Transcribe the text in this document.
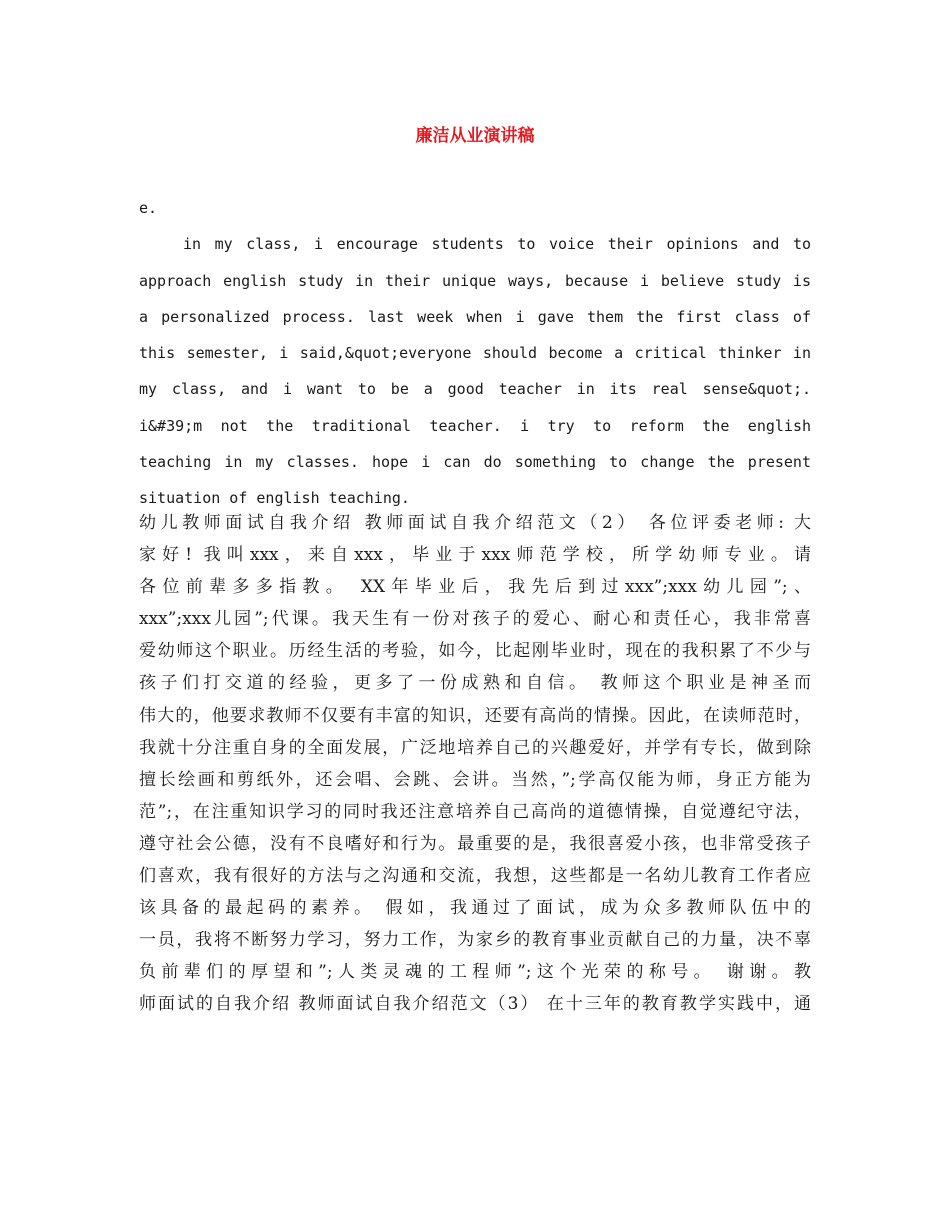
廉洁从业演讲稿
e.
in my class, i encourage students to voice their opinions and to
approach english study in their unique ways, because i believe study is
a personalized process. last week when i gave them the first class of
this semester, i said,&quot;everyone should become a critical thinker in
my class, and i want to be a good teacher in its real sense&quot;.
i&#39;m not the traditional teacher. i try to reform the english
teaching in my classes. hope i can do something to change the present
situation of english teaching.
幼儿教师面试自我介绍 教师面试自我介绍范文（2） 各位评委老师: 大
家好! 我叫xxx，来自xxx，毕业于xxx师范学校，所学幼师专业。请
各位前辈多多指教。 XX年毕业后，我先后到过xxx”;xxx幼儿园”;、
xxx”;xxx儿园”;代课。我天生有一份对孩子的爱心、耐心和责任心，我非常喜
爱幼师这个职业。历经生活的考验，如今，比起刚毕业时，现在的我积累了不少与
孩子们打交道的经验，更多了一份成熟和自信。 教师这个职业是神圣而
伟大的，他要求教师不仅要有丰富的知识，还要有高尚的情操。因此，在读师范时，
我就十分注重自身的全面发展，广泛地培养自己的兴趣爱好，并学有专长，做到除
擅长绘画和剪纸外，还会唱、会跳、会讲。当然，”;学高仅能为师，身正方能为
范”;，在注重知识学习的同时我还注意培养自己高尚的道德情操，自觉遵纪守法，
遵守社会公德，没有不良嗜好和行为。最重要的是，我很喜爱小孩，也非常受孩子
们喜欢，我有很好的方法与之沟通和交流，我想，这些都是一名幼儿教育工作者应
该具备的最起码的素养。 假如，我通过了面试，成为众多教师队伍中的
一员，我将不断努力学习，努力工作，为家乡的教育事业贡献自己的力量，决不辜
负前辈们的厚望和”;人类灵魂的工程师”;这个光荣的称号。 谢谢。教
师面试的自我介绍 教师面试自我介绍范文（3） 在十三年的教育教学实践中，通
